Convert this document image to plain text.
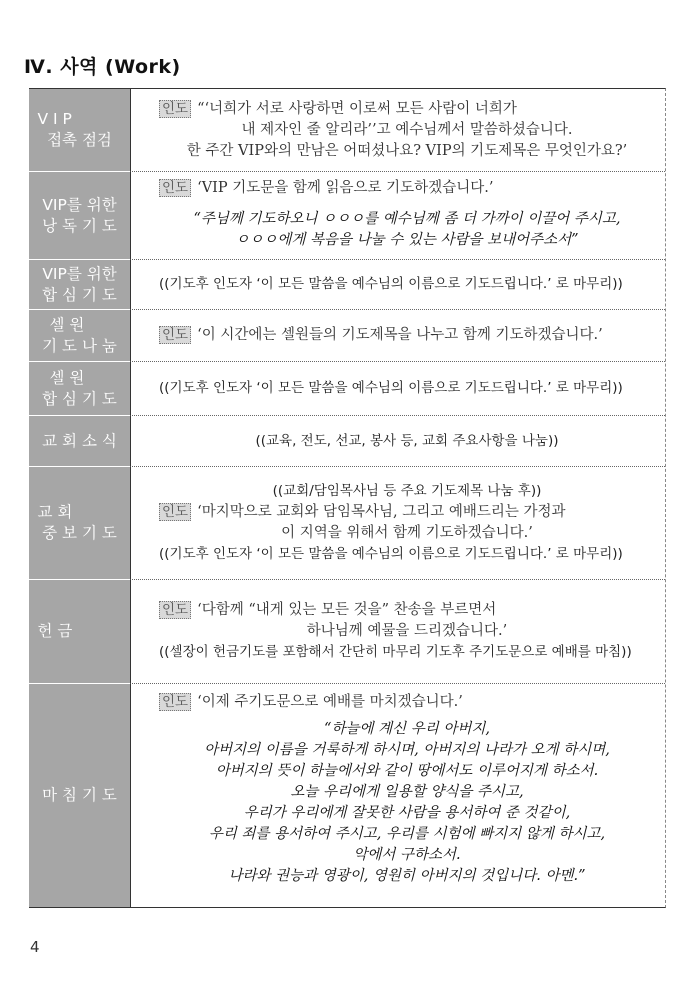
Ⅳ. 사역 (Work)
V I P
접촉 점검
인도 “‘너희가 서로 사랑하면 이로써 모든 사람이 너희가
내 제자인 줄 알리라’’고 예수님께서 말씀하셨습니다.
한 주간 VIP와의 만남은 어떠셨나요? VIP의 기도제목은 무엇인가요?’
VIP를 위한
낭 독 기 도
인도 ‘VIP 기도문을 함께 읽음으로 기도하겠습니다.’
“주님께 기도하오니 ㅇㅇㅇ를 예수님께 좀 더 가까이 이끌어 주시고,
ㅇㅇㅇ에게 복음을 나눌 수 있는 사람을 보내어주소서”
VIP를 위한
합 심 기 도
((기도후 인도자 ‘이 모든 말씀을 예수님의 이름으로 기도드립니다.’ 로 마무리))
셀 원
기 도 나 눔
인도 ‘이 시간에는 셀원들의 기도제목을 나누고 함께 기도하겠습니다.’
셀 원
합 심 기 도
((기도후 인도자 ‘이 모든 말씀을 예수님의 이름으로 기도드립니다.’ 로 마무리))
교 회 소 식	((교육, 전도, 선교, 봉사 등, 교회 주요사항을 나눔))
교 회
중 보 기 도
((교회/담임목사님 등 주요 기도제목 나눔 후))
인도 ‘마지막으로 교회와 담임목사님, 그리고 예배드리는 가정과
이 지역을 위해서 함께 기도하겠습니다.’
((기도후 인도자 ‘이 모든 말씀을 예수님의 이름으로 기도드립니다.’ 로 마무리))
헌 금
인도 ‘다함께 “내게 있는 모든 것을” 찬송을 부르면서
하나님께 예물을 드리겠습니다.’
((셀장이 헌금기도를 포함해서 간단히 마무리 기도후 주기도문으로 예배를 마침))
마 침 기 도
인도 ‘이제 주기도문으로 예배를 마치겠습니다.’
“하늘에 계신 우리 아버지,
아버지의 이름을 거룩하게 하시며, 아버지의 나라가 오게 하시며,
아버지의 뜻이 하늘에서와 같이 땅에서도 이루어지게 하소서.
오늘 우리에게 일용할 양식을 주시고,
우리가 우리에게 잘못한 사람을 용서하여 준 것같이,
우리 죄를 용서하여 주시고, 우리를 시험에 빠지지 않게 하시고,
악에서 구하소서.
나라와 권능과 영광이, 영원히 아버지의 것입니다. 아멘.”
4
